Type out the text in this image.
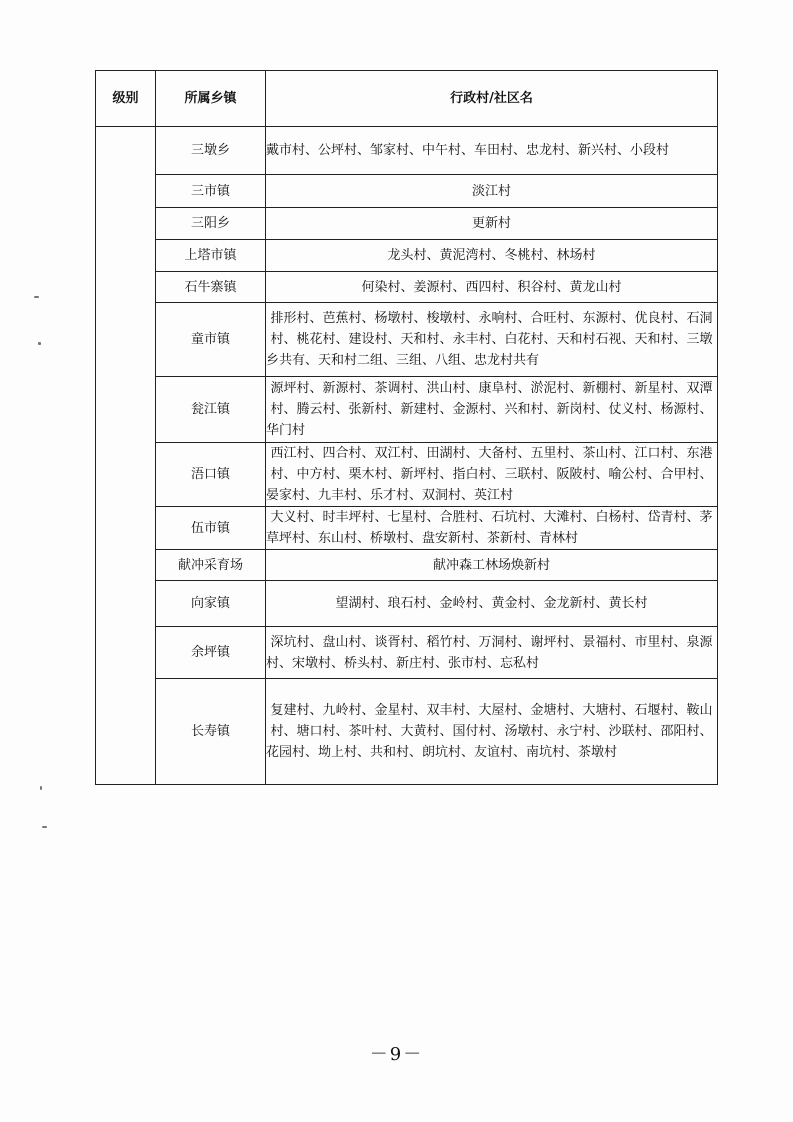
级别	所属乡镇	行政村/社区名
	三墩乡	戴市村、公坪村、邹家村、中午村、车田村、忠龙村、新兴村、小段村
	三市镇	淡江村
	三阳乡	更新村
	上塔市镇	龙头村、黄泥湾村、冬桃村、林场村
	石牛寨镇	何染村、姜源村、西四村、积谷村、黄龙山村
	童市镇	排形村、芭蕉村、杨墩村、梭墩村、永响村、合旺村、东源村、优良村、石洞村、桃花村、建设村、天和村、永丰村、白花村、天和村石视、天和村、三墩乡共有、天和村二组、三组、八组、忠龙村共有
	瓮江镇	源坪村、新源村、茶调村、洪山村、康阜村、淤泥村、新棚村、新星村、双潭村、腾云村、张新村、新建村、金源村、兴和村、新岗村、仗义村、杨源村、华门村
	浯口镇	西江村、四合村、双江村、田湖村、大备村、五里村、茶山村、江口村、东港村、中方村、栗木村、新坪村、指白村、三联村、阪陂村、喻公村、合甲村、晏家村、九丰村、乐才村、双洞村、英江村
	伍市镇	大义村、时丰坪村、七星村、合胜村、石坑村、大滩村、白杨村、岱青村、茅草坪村、东山村、桥墩村、盘安新村、茶新村、青林村
	献冲采育场	献冲森工林场焕新村
	向家镇	望湖村、琅石村、金岭村、黄金村、金龙新村、黄长村
	余坪镇	深坑村、盘山村、谈胥村、稻竹村、万洞村、谢坪村、景福村、市里村、泉源村、宋墩村、桥头村、新庄村、张市村、忘私村
	长寿镇	复建村、九岭村、金星村、双丰村、大屋村、金塘村、大塘村、石堰村、鞍山村、塘口村、茶叶村、大黄村、国付村、汤墩村、永宁村、沙联村、邵阳村、花园村、坳上村、共和村、朗坑村、友谊村、南坑村、茶墩村
－9－
